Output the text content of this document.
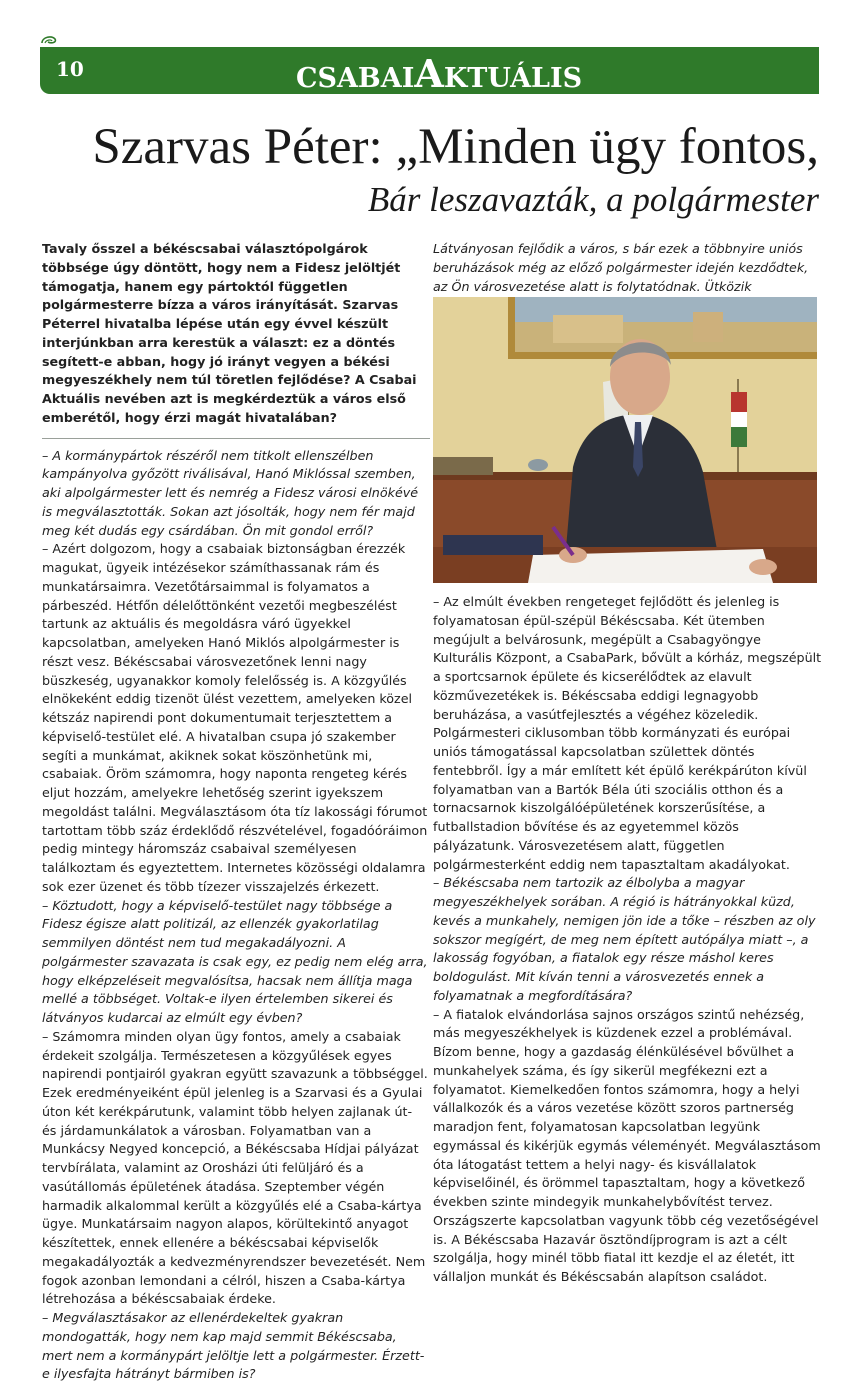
10	CSABAIAKTUÁLIS
Szarvas Péter: „Minden ügy fontos,
Bár leszavazták, a polgármester

Tavaly ősszel a békéscsabai választópolgárok többsége úgy döntött, hogy nem a Fidesz jelöltjét támogatja, hanem egy pártoktól független polgármesterre bízza a város irányítását. Szarvas Péterrel hivatalba lépése után egy évvel készült interjúnkban arra kerestük a választ: ez a döntés segített-e abban, hogy jó irányt vegyen a békési megyeszékhely nem túl töretlen fejlődése? A Csabai Aktuális nevében azt is megkérdeztük a város első emberétől, hogy érzi magát hivatalában?

– A kormánypártok részéről nem titkolt ellenszélben kampányolva győzött riválisával, Hanó Miklóssal szemben, aki alpolgármester lett és nemrég a Fidesz városi elnökévé is megválasztották. Sokan azt jósolták, hogy nem fér majd meg két dudás egy csárdában. Ön mit gondol erről?

– Azért dolgozom, hogy a csabaiak biztonságban érezzék magukat, ügyeik intézésekor számíthassanak rám és munkatársaimra. Vezetőtársaimmal is folyamatos a párbeszéd. Hétfőn délelőttönként vezetői megbeszélést tartunk az aktuális és megoldásra váró ügyekkel kapcsolatban, amelyeken Hanó Miklós alpolgármester is részt vesz. Békéscsabai városvezetőnek lenni nagy büszkeség, ugyanakkor komoly felelősség is. A közgyűlés elnökeként eddig tizenöt ülést vezettem, amelyeken közel kétszáz napirendi pont dokumentumait terjesztettem a képviselő-testület elé. A hivatalban csupa jó szakember segíti a munkámat, akiknek sokat köszönhetünk mi, csabaiak. Öröm számomra, hogy naponta rengeteg kérés eljut hozzám, amelyekre lehetőség szerint igyekszem megoldást találni. Megválasztásom óta tíz lakossági fórumot tartottam több száz érdeklődő részvételével, fogadóóráimon pedig mintegy háromszáz csabaival személyesen találkoztam és egyeztettem. Internetes közösségi oldalamra sok ezer üzenet és több tízezer visszajelzés érkezett.

– Köztudott, hogy a képviselő-testület nagy többsége a Fidesz égisze alatt politizál, az ellenzék gyakorlatilag semmilyen döntést nem tud megakadályozni. A polgármester szavazata is csak egy, ez pedig nem elég arra, hogy elképzeléseit megvalósítsa, hacsak nem állítja maga mellé a többséget. Voltak-e ilyen értelemben sikerei és látványos kudarcai az elmúlt egy évben?

– Számomra minden olyan ügy fontos, amely a csabaiak érdekeit szolgálja. Természetesen a közgyűlések egyes napirendi pontjairól gyakran együtt szavazunk a többséggel. Ezek eredményeiként épül jelenleg is a Szarvasi és a Gyulai úton két kerékpárutunk, valamint több helyen zajlanak út- és járdamunkálatok a városban. Folyamatban van a Munkácsy Negyed koncepció, a Békéscsaba Hídjai pályázat tervbírálata, valamint az Orosházi úti felüljáró és a vasútállomás épületének átadása. Szeptember végén harmadik alkalommal került a közgyűlés elé a Csaba-kártya ügye. Munkatársaim nagyon alapos, körültekintő anyagot készítettek, ennek ellenére a békéscsabai képviselők megakadályozták a kedvezményrendszer bevezetését. Nem fogok azonban lemondani a célról, hiszen a Csaba-kártya létrehozása a békéscsabaiak érdeke.

– Megválasztásakor az ellenérdekeltek gyakran mondogatták, hogy nem kap majd semmit Békéscsaba, mert nem a kormánypárt jelöltje lett a polgármester. Érzett-e ilyesfajta hátrányt bármiben is?

Látványosan fejlődik a város, s bár ezek a többnyire uniós beruházások még az előző polgármester idején kezdődtek, az Ön városvezetése alatt is folytatódnak. Ütközik

– Az elmúlt években rengeteget fejlődött és jelenleg is folyamatosan épül-szépül Békéscsaba. Két ütemben megújult a belvárosunk, megépült a Csabagyöngye Kulturális Központ, a CsabaPark, bővült a kórház, megszépült a sportcsarnok épülete és kicserélődtek az elavult közművezetékek is. Békéscsaba eddigi legnagyobb beruházása, a vasútfejlesztés a végéhez közeledik. Polgármesteri ciklusomban több kormányzati és európai uniós támogatással kapcsolatban születtek döntés fentebbről. Így a már említett két épülő kerékpárúton kívül folyamatban van a Bartók Béla úti szociális otthon és a tornacsarnok kiszolgálóépületének korszerűsítése, a futballstadion bővítése és az egyetemmel közös pályázatunk. Városvezetésem alatt, független polgármesterként eddig nem tapasztaltam akadályokat.

– Békéscsaba nem tartozik az élbolyba a magyar megyeszékhelyek sorában. A régió is hátrányokkal küzd, kevés a munkahely, nemigen jön ide a tőke – részben az oly sokszor megígért, de meg nem épített autópálya miatt –, a lakosság fogyóban, a fiatalok egy része máshol keres boldogulást. Mit kíván tenni a városvezetés ennek a folyamatnak a megfordítására?

– A fiatalok elvándorlása sajnos országos szintű nehézség, más megyeszékhelyek is küzdenek ezzel a problémával. Bízom benne, hogy a gazdaság élénkülésével bővülhet a munkahelyek száma, és így sikerül megfékezni ezt a folyamatot. Kiemelkedően fontos számomra, hogy a helyi vállalkozók és a város vezetése között szoros partnerség maradjon fent, folyamatosan kapcsolatban legyünk egymással és kikérjük egymás véleményét. Megválasztásom óta látogatást tettem a helyi nagy- és kisvállalatok képviselőinél, és örömmel tapasztaltam, hogy a következő években szinte mindegyik munkahelybővítést tervez. Országszerte kapcsolatban vagyunk több cég vezetőségével is. A Békéscsaba Hazavár ösztöndíjprogram is azt a célt szolgálja, hogy minél több fiatal itt kezdje el az életét, itt vállaljon munkát és Békéscsabán alapítson családot.
